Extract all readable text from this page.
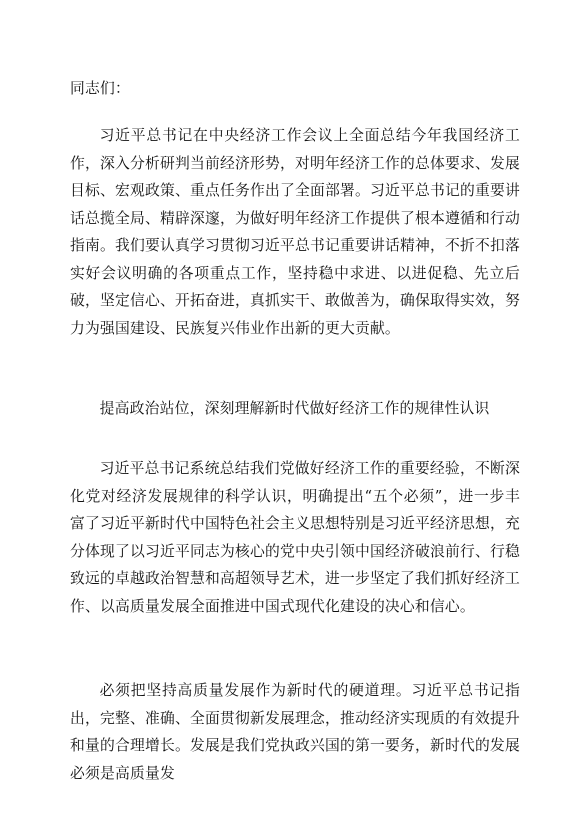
同志们：

习近平总书记在中央经济工作会议上全面总结今年我国经济工作，深入分析研判当前经济形势，对明年经济工作的总体要求、发展目标、宏观政策、重点任务作出了全面部署。习近平总书记的重要讲话总揽全局、精辟深邃，为做好明年经济工作提供了根本遵循和行动指南。我们要认真学习贯彻习近平总书记重要讲话精神，不折不扣落实好会议明确的各项重点工作，坚持稳中求进、以进促稳、先立后破，坚定信心、开拓奋进，真抓实干、敢做善为，确保取得实效，努力为强国建设、民族复兴伟业作出新的更大贡献。

提高政治站位，深刻理解新时代做好经济工作的规律性认识

习近平总书记系统总结我们党做好经济工作的重要经验，不断深化党对经济发展规律的科学认识，明确提出“五个必须”，进一步丰富了习近平新时代中国特色社会主义思想特别是习近平经济思想，充分体现了以习近平同志为核心的党中央引领中国经济破浪前行、行稳致远的卓越政治智慧和高超领导艺术，进一步坚定了我们抓好经济工作、以高质量发展全面推进中国式现代化建设的决心和信心。

必须把坚持高质量发展作为新时代的硬道理。习近平总书记指出，完整、准确、全面贯彻新发展理念，推动经济实现质的有效提升和量的合理增长。发展是我们党执政兴国的第一要务，新时代的发展必须是高质量发
